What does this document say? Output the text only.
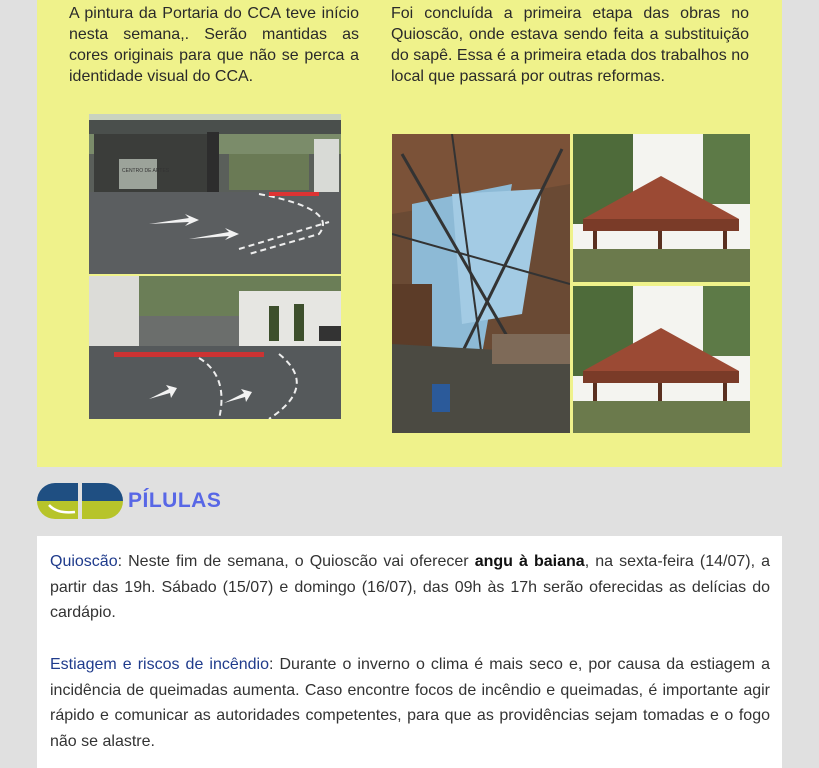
A pintura da Portaria do CCA teve início nesta semana,. Serão mantidas as cores originais para que não se perca a identidade visual do CCA.

Foi concluída a primeira etapa das obras no Quioscão, onde estava sendo feita a substituição do sapê. Essa é a primeira etada dos trabalhos no local que passará por outras reformas.

CENTRO DE ARTES
PÍLULAS

Quioscão: Neste fim de semana, o Quioscão vai oferecer angu à baiana, na sexta-feira (14/07), a partir das 19h. Sábado (15/07) e domingo (16/07), das 09h às 17h serão oferecidas as delícias do cardápio.

Estiagem e riscos de incêndio: Durante o inverno o clima é mais seco e, por causa da estiagem a incidência de queimadas aumenta. Caso encontre focos de incêndio e queimadas, é importante agir rápido e comunicar as autoridades competentes, para que as providências sejam tomadas e o fogo não se alastre.
